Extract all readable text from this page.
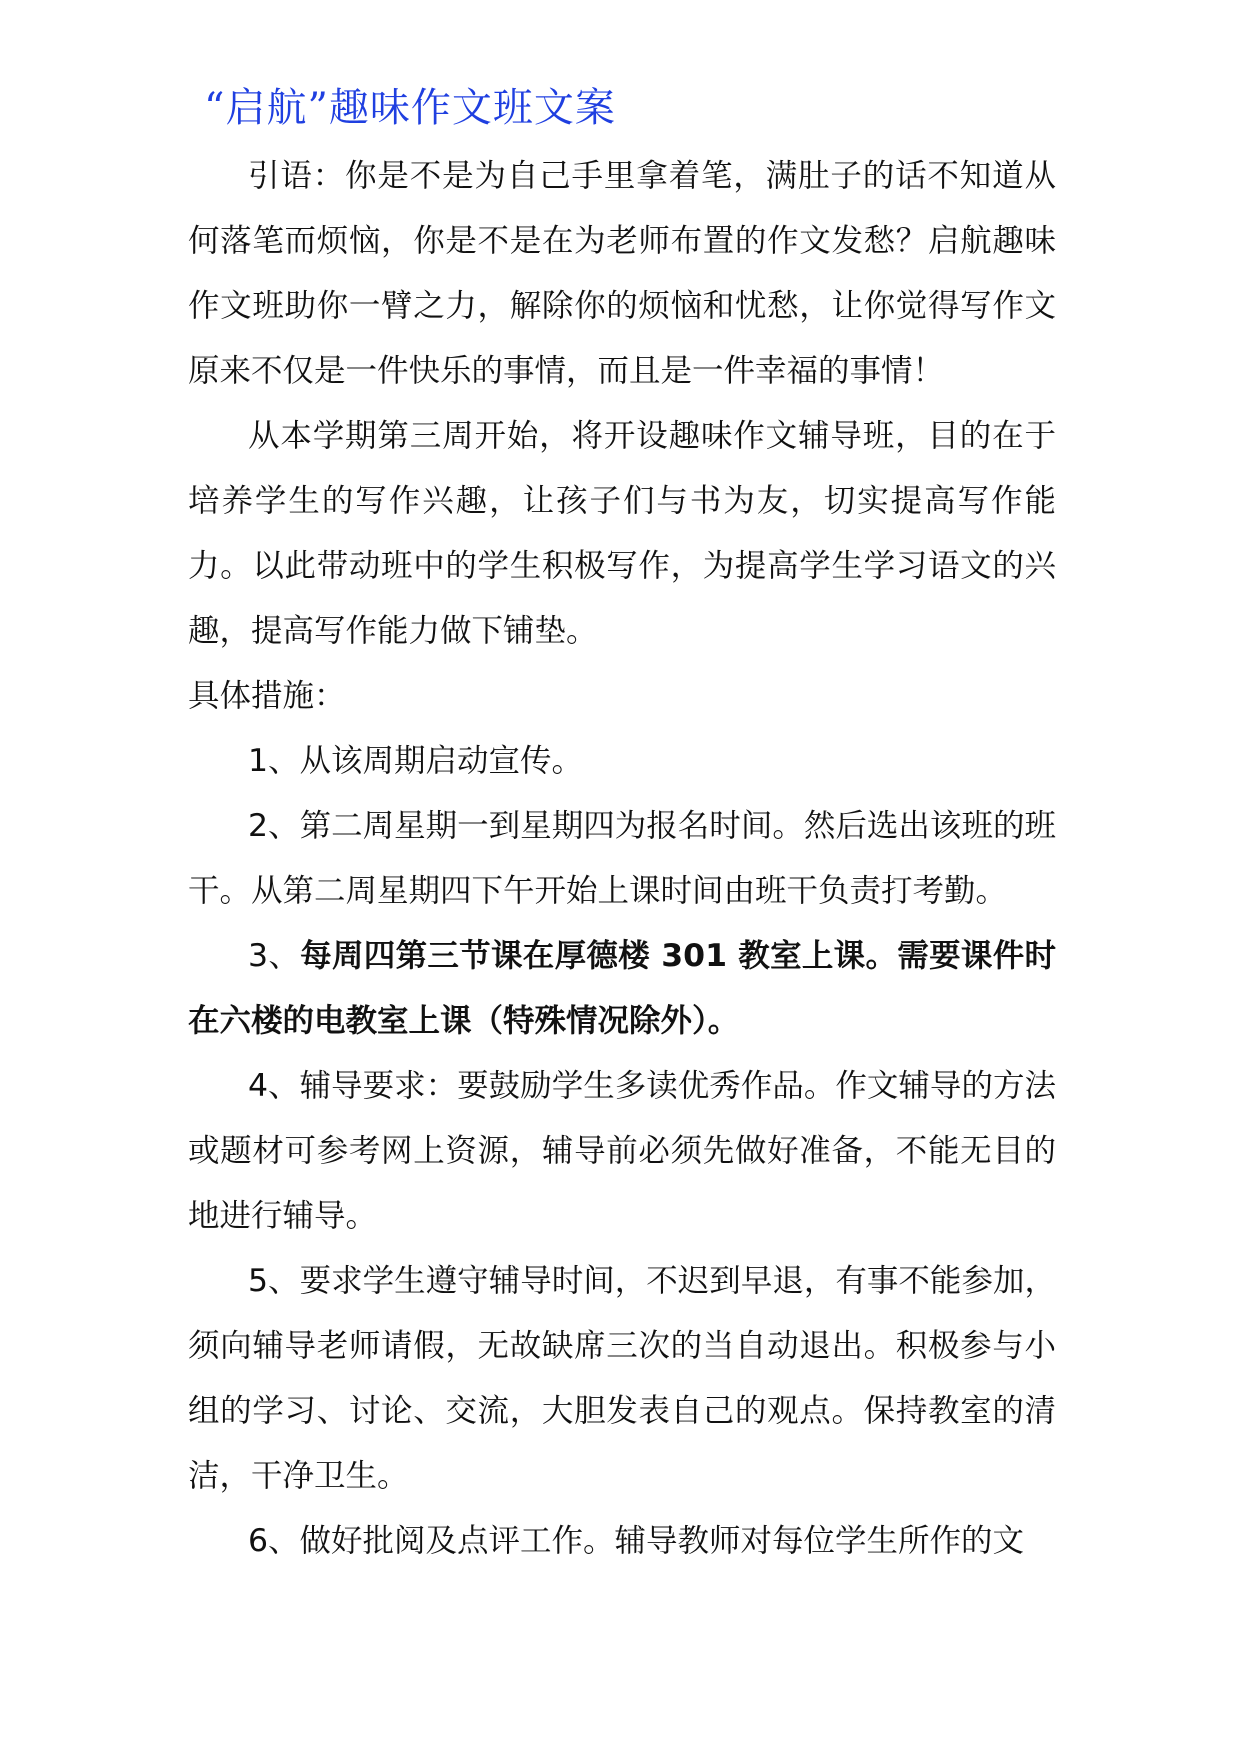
“启航”趣味作文班文案

引语：你是不是为自己手里拿着笔，满肚子的话不知道从何落笔而烦恼，你是不是在为老师布置的作文发愁？启航趣味作文班助你一臂之力，解除你的烦恼和忧愁，让你觉得写作文原来不仅是一件快乐的事情，而且是一件幸福的事情！

从本学期第三周开始，将开设趣味作文辅导班，目的在于培养学生的写作兴趣，让孩子们与书为友，切实提高写作能力。以此带动班中的学生积极写作，为提高学生学习语文的兴趣，提高写作能力做下铺垫。

具体措施：

1、从该周期启动宣传。

2、第二周星期一到星期四为报名时间。然后选出该班的班干。从第二周星期四下午开始上课时间由班干负责打考勤。

3、每周四第三节课在厚德楼 301 教室上课。需要课件时在六楼的电教室上课（特殊情况除外）。

4、辅导要求：要鼓励学生多读优秀作品。作文辅导的方法或题材可参考网上资源，辅导前必须先做好准备，不能无目的地进行辅导。

5、要求学生遵守辅导时间，不迟到早退，有事不能参加，须向辅导老师请假，无故缺席三次的当自动退出。积极参与小组的学习、讨论、交流，大胆发表自己的观点。保持教室的清洁，干净卫生。

6、做好批阅及点评工作。辅导教师对每位学生所作的文
